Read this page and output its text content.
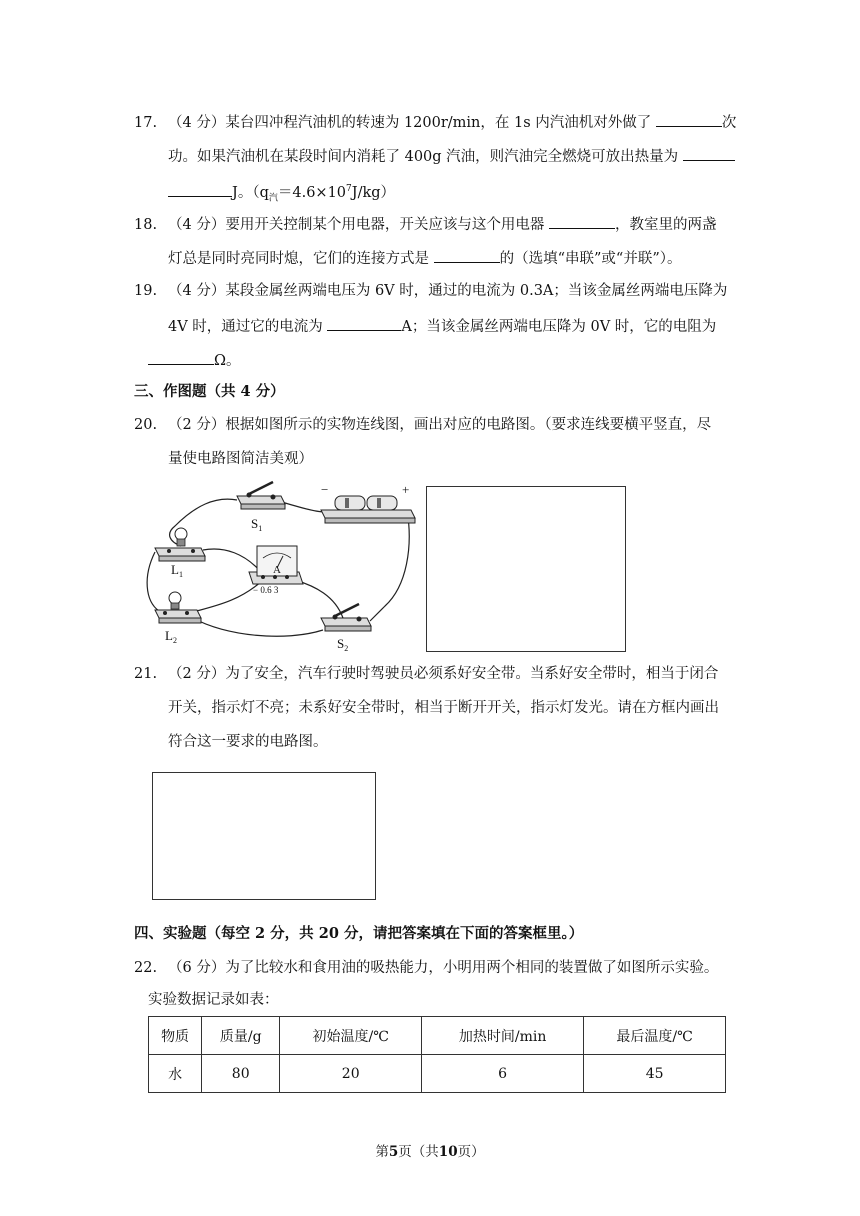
17. （4 分）某台四冲程汽油机的转速为 1200r/min，在 1s 内汽油机对外做了	次
功。如果汽油机在某段时间内消耗了 400g 汽油，则汽油完全燃烧可放出热量为
J。$(q_汽=4.6\times 10^7J/kg)$
18. （4 分）要用开关控制某个用电器，开关应该与这个用电器	，教室里的两盏
灯总是同时亮同时熄，它们的连接方式是	的（选填“串联”或“并联”）。
19. （4 分）某段金属丝两端电压为 6V 时，通过的电流为 0.3A；当该金属丝两端电压降为
4V 时，通过它的电流为	A；当该金属丝两端电压降为 0V 时，它的电阻为
Ω。
三、作图题（共 4 分）
20. （2 分）根据如图所示的实物连线图，画出对应的电路图。（要求连线要横平竖直，尽
量使电路图简洁美观）
$S_1$
−	+
$L_1$	A
− 0.6 3
$L_2$	$S_2$
21. （2 分）为了安全，汽车行驶时驾驶员必须系好安全带。当系好安全带时，相当于闭合
开关，指示灯不亮；未系好安全带时，相当于断开开关，指示灯发光。请在方框内画出
符合这一要求的电路图。
四、实验题（每空 2 分，共 20 分，请把答案填在下面的答案框里。）
22. （6 分）为了比较水和食用油的吸热能力，小明用两个相同的装置做了如图所示实验。
实验数据记录如表：
物质	质量/g	初始温度/℃	加热时间/min	最后温度/℃
水	80	20	6	45
第5页（共10页）
